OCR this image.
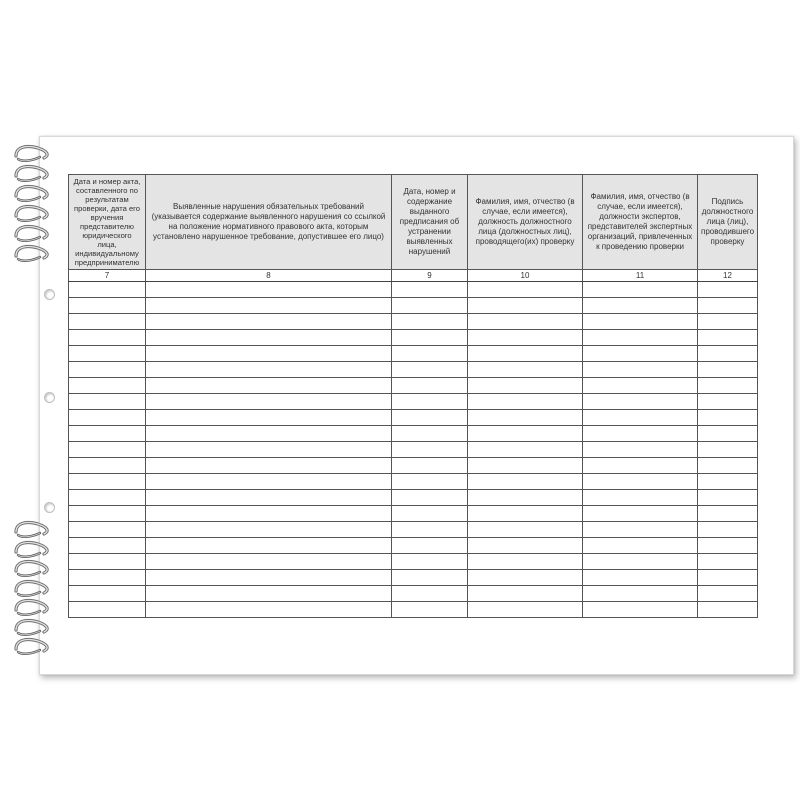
Дата и номер акта, составленного по результатам проверки, дата его вручения представителю юридического лица, индивидуальному предпринимателю	Выявленные нарушения обязательных требований (указывается содержание выявленного нарушения со ссылкой на положение нормативного правового акта, которым установлено нарушенное требование, допустившее его лицо)	Дата, номер и содержание выданного предписания об устранении выявленных нарушений	Фамилия, имя, отчество (в случае, если имеется), должность должностного лица (должностных лиц), проводящего(их) проверку	Фамилия, имя, отчество (в случае, если имеется), должности экспертов, представителей экспертных организаций, привлеченных к проведению проверки	Подпись должностного лица (лиц), проводившего проверку
7	8	9	10	11	12
